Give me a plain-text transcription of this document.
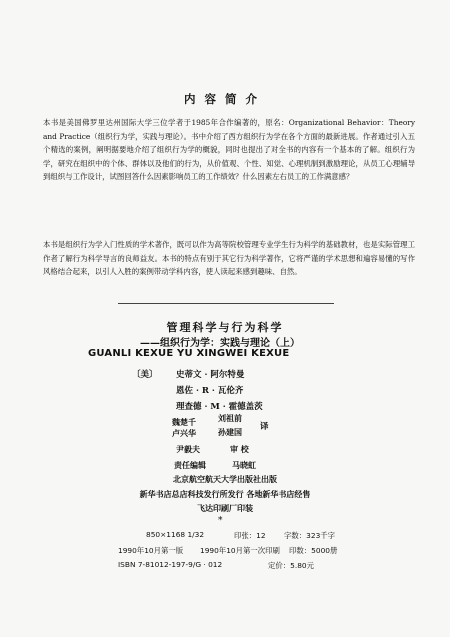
内容简介
本书是美国佛罗里达州国际大学三位学者于1985年合作编著的，原名：Organizational Behavior：Theory and Practice（组织行为学，实践与理论）。书中介绍了西方组织行为学在各个方面的最新进展。作者通过引入五个精选的案例，阐明据要地介绍了组织行为学的概貌，同时也提出了对全书的内容有一个基本的了解。组织行为学，研究在组织中的个体、群体以及他们的行为，从价值观、个性、知觉、心理机制到激励理论，从员工心理辅导到组织与工作设计，试图回答什么因素影响员工的工作绩效？什么因素左右员工的工作满意感？
本书是组织行为学入门性质的学术著作，既可以作为高等院校管理专业学生行为科学的基础教材，也是实际管理工作者了解行为科学导言的良师益友。本书的特点有别于其它行为科学著作，它将严谨的学术思想和遍容易懂的写作风格结合起来，以引人入胜的案例带动学科内容，使人读起来感到趣味、自然。
管理科学与行为科学
——组织行为学：实践与理论（上）
GUANLI KEXUE YU XINGWEI KEXUE
〔美〕 史蒂文 · 阿尔特曼
恩佐 · R · 瓦伦齐
理查德 · M · 霍德盖茨
魏楚千	刘祖前
卢兴华	孙建国 译
尹毅夫	审 校
责任编辑	马晓虹
北京航空航天大学出版社出版
新华书店总店科技发行所发行 各地新华书店经售
飞达印刷厂印装
*
850×1168 1/32	印张：12 字数：323千字
1990年10月第一版 1990年10月第一次印刷 印数：5000册
ISBN 7-81012-197-9/G · 012	定价：5.80元
